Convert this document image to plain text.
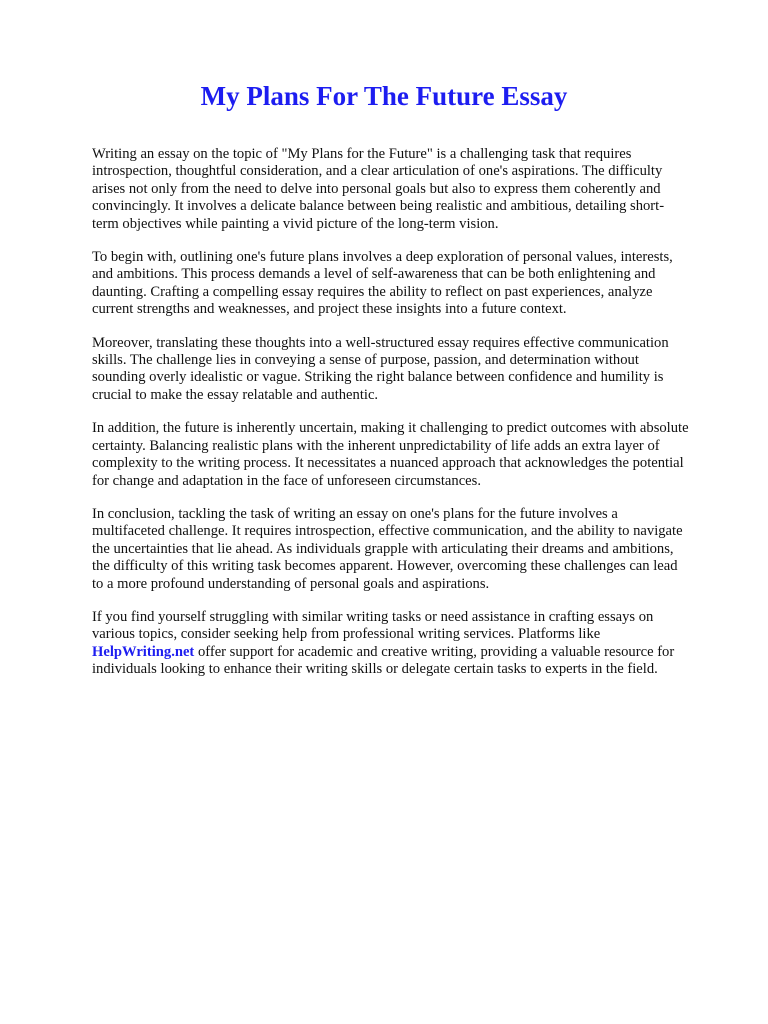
My Plans For The Future Essay

Writing an essay on the topic of "My Plans for the Future" is a challenging task that requires introspection, thoughtful consideration, and a clear articulation of one's aspirations. The difficulty arises not only from the need to delve into personal goals but also to express them coherently and convincingly. It involves a delicate balance between being realistic and ambitious, detailing short-term objectives while painting a vivid picture of the long-term vision.

To begin with, outlining one's future plans involves a deep exploration of personal values, interests, and ambitions. This process demands a level of self-awareness that can be both enlightening and daunting. Crafting a compelling essay requires the ability to reflect on past experiences, analyze current strengths and weaknesses, and project these insights into a future context.

Moreover, translating these thoughts into a well-structured essay requires effective communication skills. The challenge lies in conveying a sense of purpose, passion, and determination without sounding overly idealistic or vague. Striking the right balance between confidence and humility is crucial to make the essay relatable and authentic.

In addition, the future is inherently uncertain, making it challenging to predict outcomes with absolute certainty. Balancing realistic plans with the inherent unpredictability of life adds an extra layer of complexity to the writing process. It necessitates a nuanced approach that acknowledges the potential for change and adaptation in the face of unforeseen circumstances.

In conclusion, tackling the task of writing an essay on one's plans for the future involves a multifaceted challenge. It requires introspection, effective communication, and the ability to navigate the uncertainties that lie ahead. As individuals grapple with articulating their dreams and ambitions, the difficulty of this writing task becomes apparent. However, overcoming these challenges can lead to a more profound understanding of personal goals and aspirations.

If you find yourself struggling with similar writing tasks or need assistance in crafting essays on various topics, consider seeking help from professional writing services. Platforms like HelpWriting.net offer support for academic and creative writing, providing a valuable resource for individuals looking to enhance their writing skills or delegate certain tasks to experts in the field.
